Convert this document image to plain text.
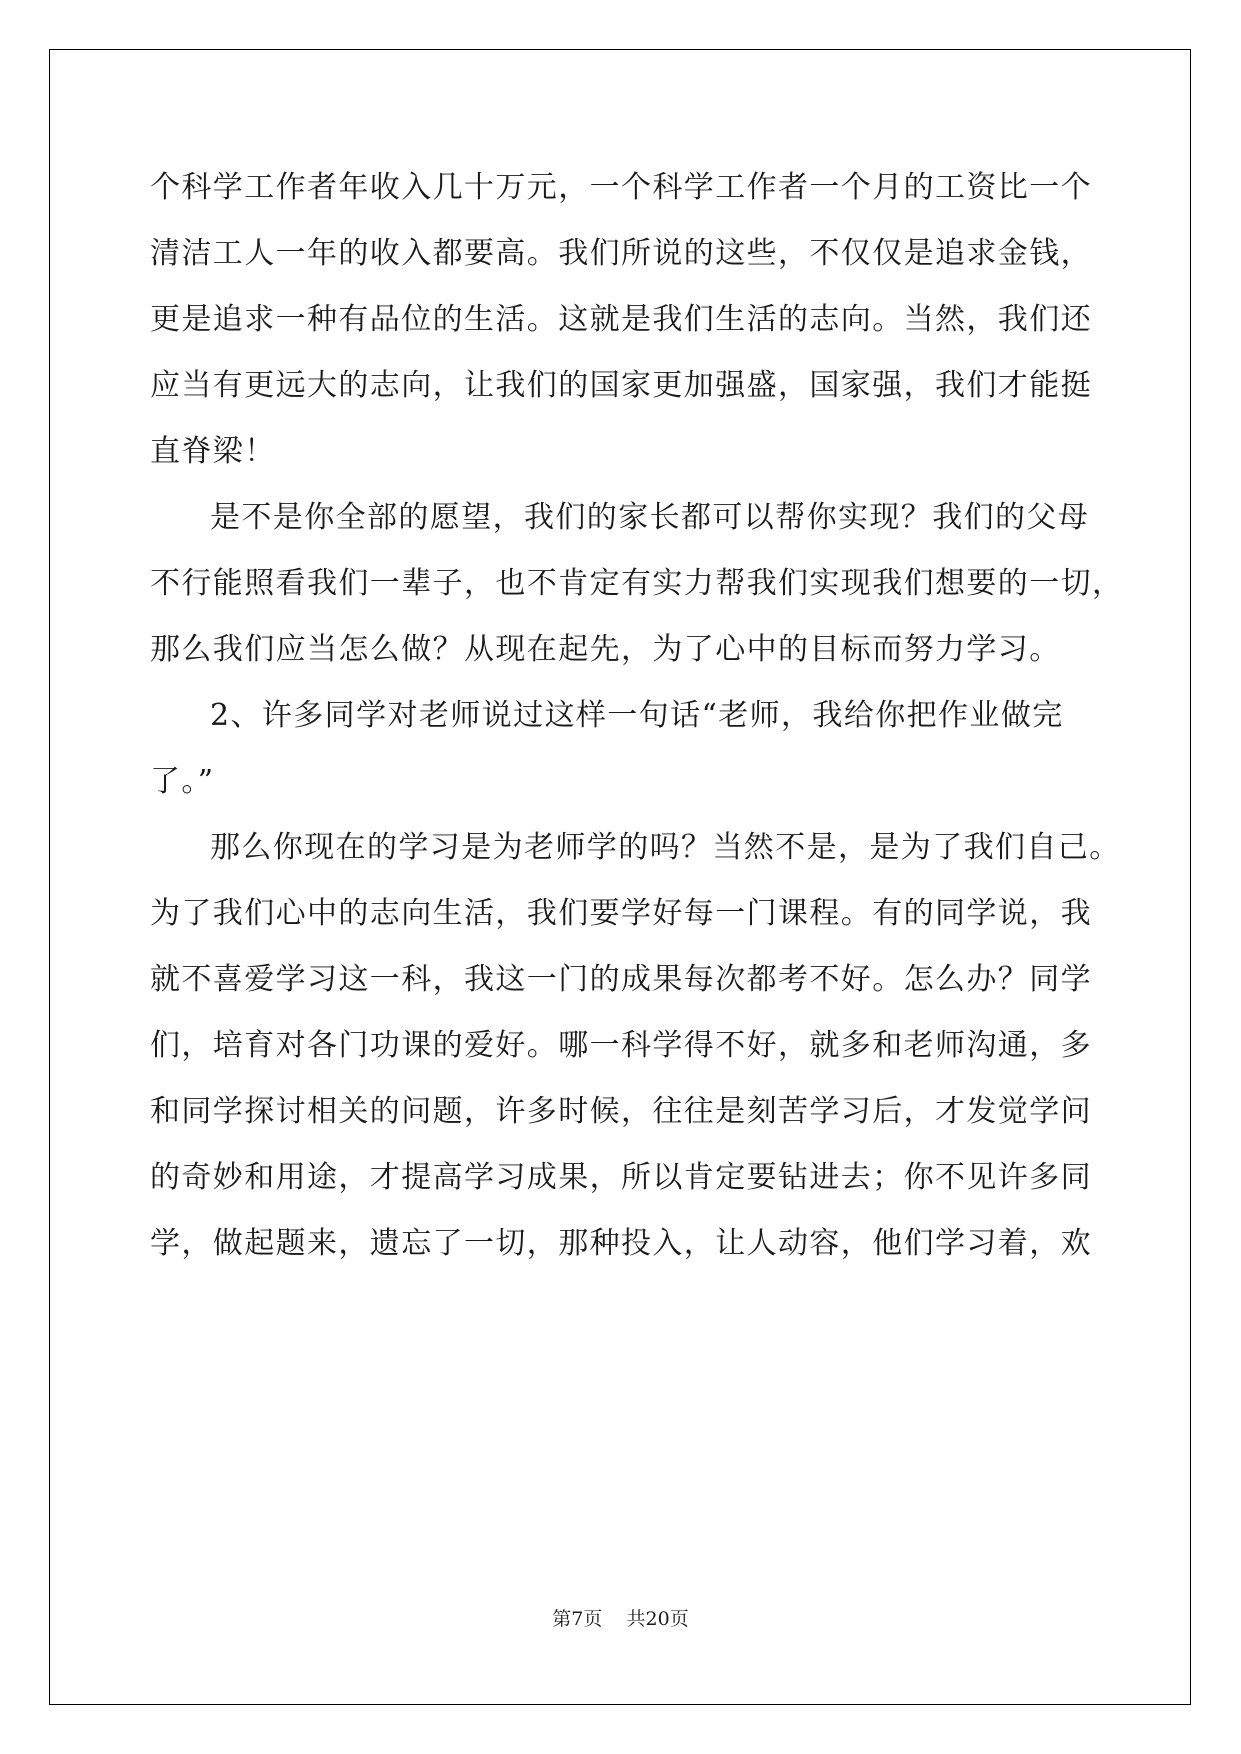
个科学工作者年收入几十万元，一个科学工作者一个月的工资比一个
清洁工人一年的收入都要高。我们所说的这些，不仅仅是追求金钱，
更是追求一种有品位的生活。这就是我们生活的志向。当然，我们还
应当有更远大的志向，让我们的国家更加强盛，国家强，我们才能挺
直脊梁！
是不是你全部的愿望，我们的家长都可以帮你实现？我们的父母
不行能照看我们一辈子，也不肯定有实力帮我们实现我们想要的一切，
那么我们应当怎么做？从现在起先，为了心中的目标而努力学习。
2、许多同学对老师说过这样一句话“老师，我给你把作业做完
了。”
那么你现在的学习是为老师学的吗？当然不是，是为了我们自己。
为了我们心中的志向生活，我们要学好每一门课程。有的同学说，我
就不喜爱学习这一科，我这一门的成果每次都考不好。怎么办？同学
们，培育对各门功课的爱好。哪一科学得不好，就多和老师沟通，多
和同学探讨相关的问题，许多时候，往往是刻苦学习后，才发觉学问
的奇妙和用途，才提高学习成果，所以肯定要钻进去；你不见许多同
学，做起题来，遗忘了一切，那种投入，让人动容，他们学习着，欢
第7页 共20页
